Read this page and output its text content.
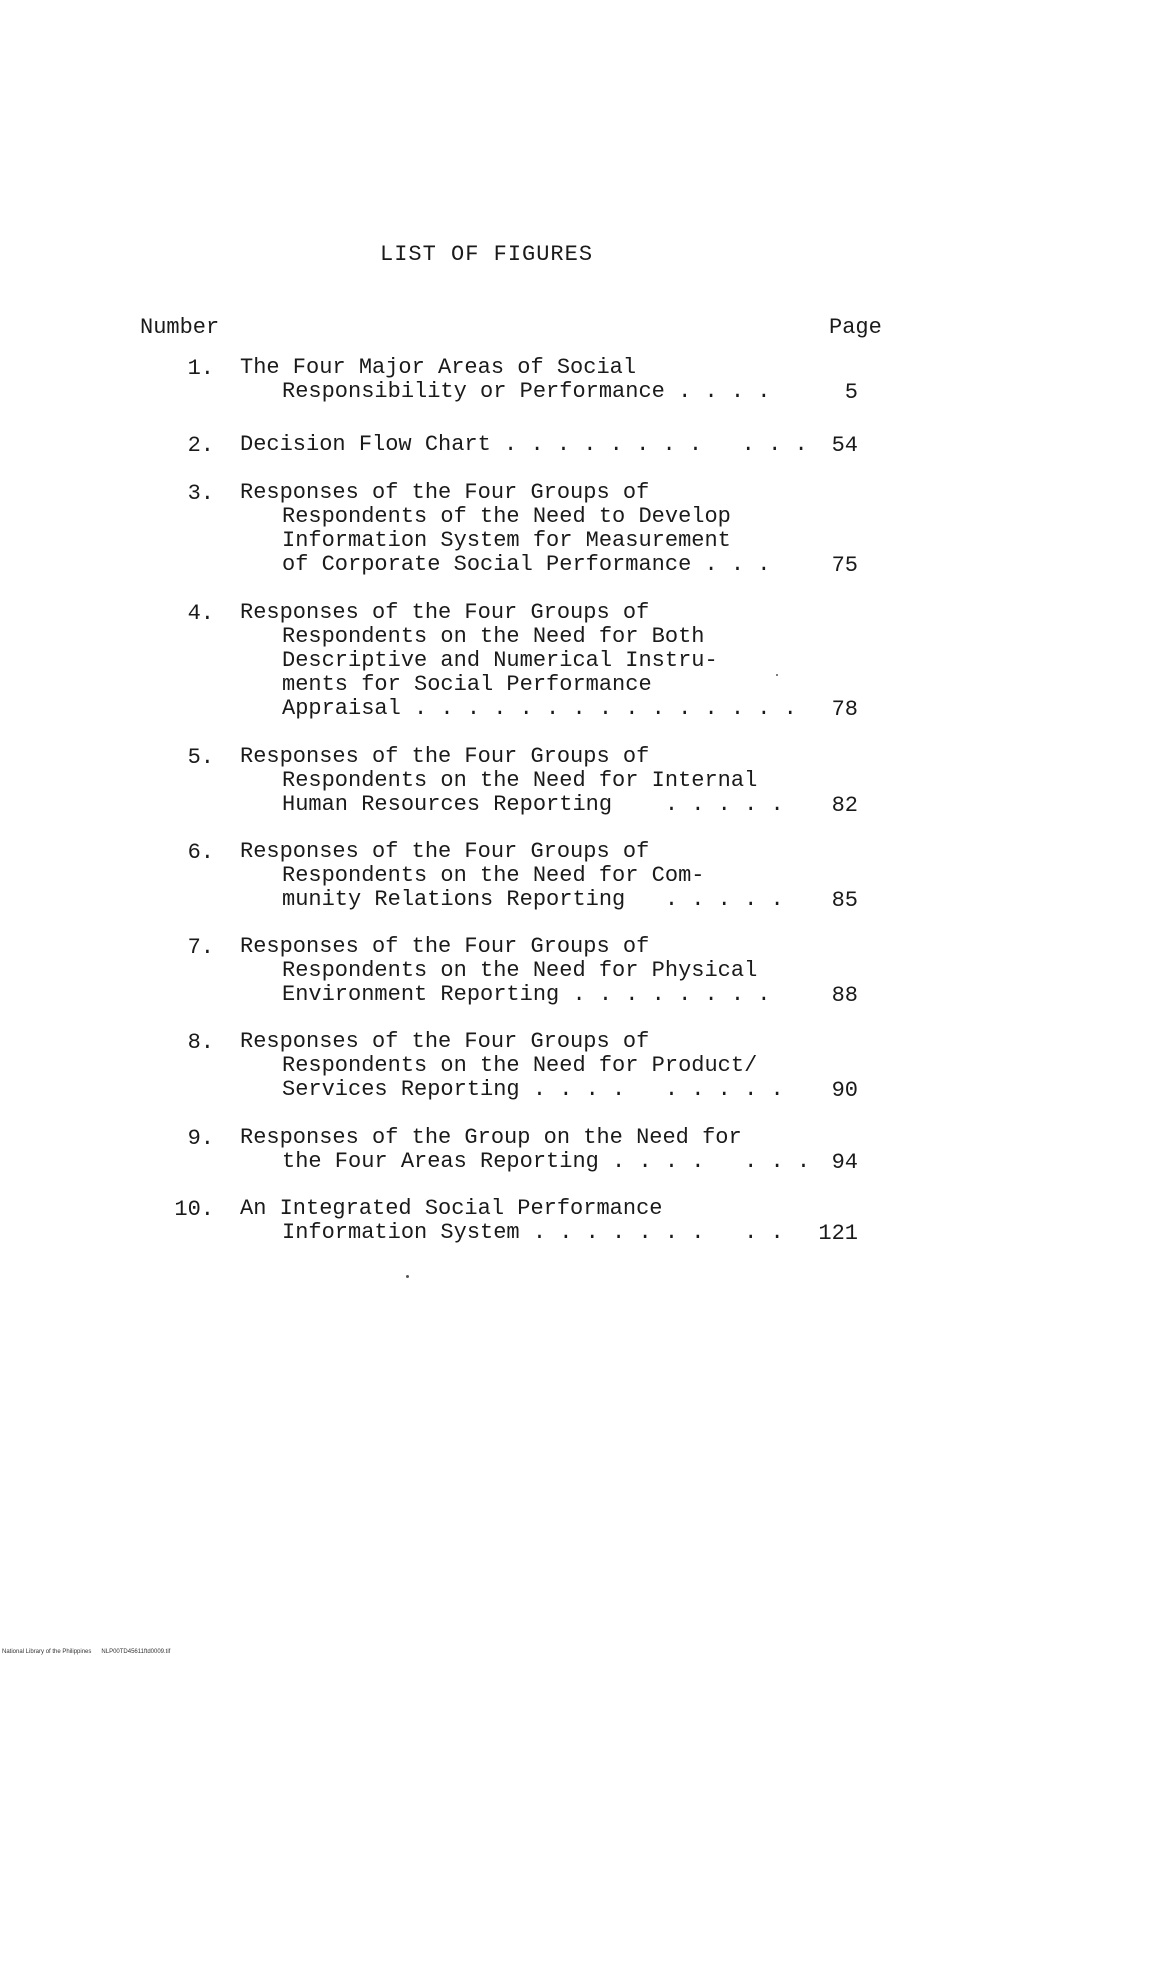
LIST OF FIGURES
Number	Page
1. The Four Major Areas of Social
Responsibility or Performance . . . .	5
2. Decision Flow Chart . . . . . . . .   . . .	54
3. Responses of the Four Groups of
Respondents of the Need to Develop
Information System for Measurement
of Corporate Social Performance . . .	75
4. Responses of the Four Groups of
Respondents on the Need for Both
Descriptive and Numerical Instru-
ments for Social Performance
Appraisal . . . . . . . . . . . . . . .	78
5. Responses of the Four Groups of
Respondents on the Need for Internal
Human Resources Reporting    . . . . .	82
6. Responses of the Four Groups of
Respondents on the Need for Com-
munity Relations Reporting   . . . . .	85
7. Responses of the Four Groups of
Respondents on the Need for Physical
Environment Reporting . . . . . . . .	88
8. Responses of the Four Groups of
Respondents on the Need for Product/
Services Reporting . . . .   . . . . .	90
9. Responses of the Group on the Need for
the Four Areas Reporting . . . .   . . . 94
10. An Integrated Social Performance
Information System . . . . . . .   . .	121
National Library of the Philippines NLP00TD45611ftd0009.tif
